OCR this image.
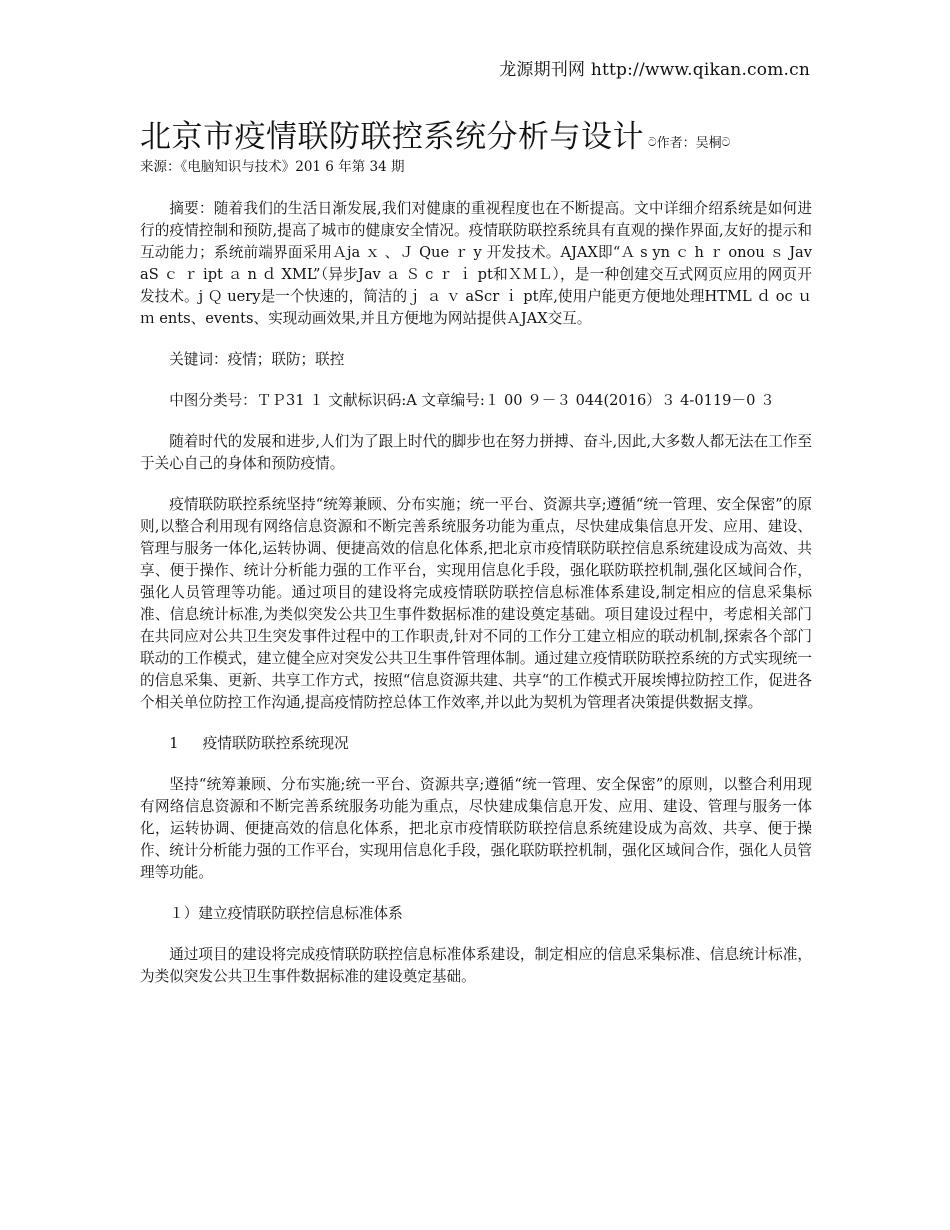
龙源期刊网 http://www.qikan.com.cn
北京市疫情联防联控系统分析与设计 ට作者：吴桐ට
来源：《电脑知识与技术》201 6 年第 34 期

摘要：随着我们的生活日渐发展,我们对健康的重视程度也在不断提高。文中详细介绍系统是如何进行的疫情控制和预防,提高了城市的健康安全情况。疫情联防联控系统具有直观的操作界面,友好的提示和互动能力；系统前端界面采用Ａja ｘ 、Ｊ Que ｒ y 开发技术。AJAX即“Ａ s yn ｃ h ｒ onou ｓ JavaS ｃ ｒ ipt ａ n ｄ XML”（异步Jav ａ Ｓ c ｒ ｉ pt和ＸＭＬ），是一种创建交互式网页应用的网页开发技术。j Ｑ uery是一个快速的，简洁的ｊ ａ ｖ aScr ｉ pt库,使用户能更方便地处理HTML ｄ oc ｕ ｍ ents、events、实现动画效果,并且方便地为网站提供ＡJAX交互。

关键词：疫情；联防；联控

中图分类号：ＴＰ31 １ 文献标识码:A 文章编号:１ 00 ９－３ 044(2016）３ 4-0119－0 ３

随着时代的发展和进步,人们为了跟上时代的脚步也在努力拼搏、奋斗,因此,大多数人都无法在工作至于关心自己的身体和预防疫情。

疫情联防联控系统坚持“统筹兼顾、分布实施；统一平台、资源共享;遵循“统一管理、安全保密”的原则,以整合利用现有网络信息资源和不断完善系统服务功能为重点，尽快建成集信息开发、应用、建设、管理与服务一体化,运转协调、便捷高效的信息化体系,把北京市疫情联防联控信息系统建设成为高效、共享、便于操作、统计分析能力强的工作平台，实现用信息化手段，强化联防联控机制,强化区域间合作，强化人员管理等功能。通过项目的建设将完成疫情联防联控信息标准体系建设,制定相应的信息采集标准、信息统计标准,为类似突发公共卫生事件数据标准的建设奠定基础。项目建设过程中，考虑相关部门在共同应对公共卫生突发事件过程中的工作职责,针对不同的工作分工建立相应的联动机制,探索各个部门联动的工作模式，建立健全应对突发公共卫生事件管理体制。通过建立疫情联防联控系统的方式实现统一的信息采集、更新、共享工作方式，按照“信息资源共建、共享“的工作模式开展埃博拉防控工作，促进各个相关单位防控工作沟通,提高疫情防控总体工作效率,并以此为契机为管理者决策提供数据支撑。

1 疫情联防联控系统现况

坚持“统筹兼顾、分布实施;统一平台、资源共享;遵循“统一管理、安全保密”的原则，以整合利用现有网络信息资源和不断完善系统服务功能为重点，尽快建成集信息开发、应用、建设、管理与服务一体化，运转协调、便捷高效的信息化体系，把北京市疫情联防联控信息系统建设成为高效、共享、便于操作、统计分析能力强的工作平台，实现用信息化手段，强化联防联控机制，强化区域间合作，强化人员管理等功能。

１）建立疫情联防联控信息标准体系

通过项目的建设将完成疫情联防联控信息标准体系建设，制定相应的信息采集标准、信息统计标准，为类似突发公共卫生事件数据标准的建设奠定基础。
